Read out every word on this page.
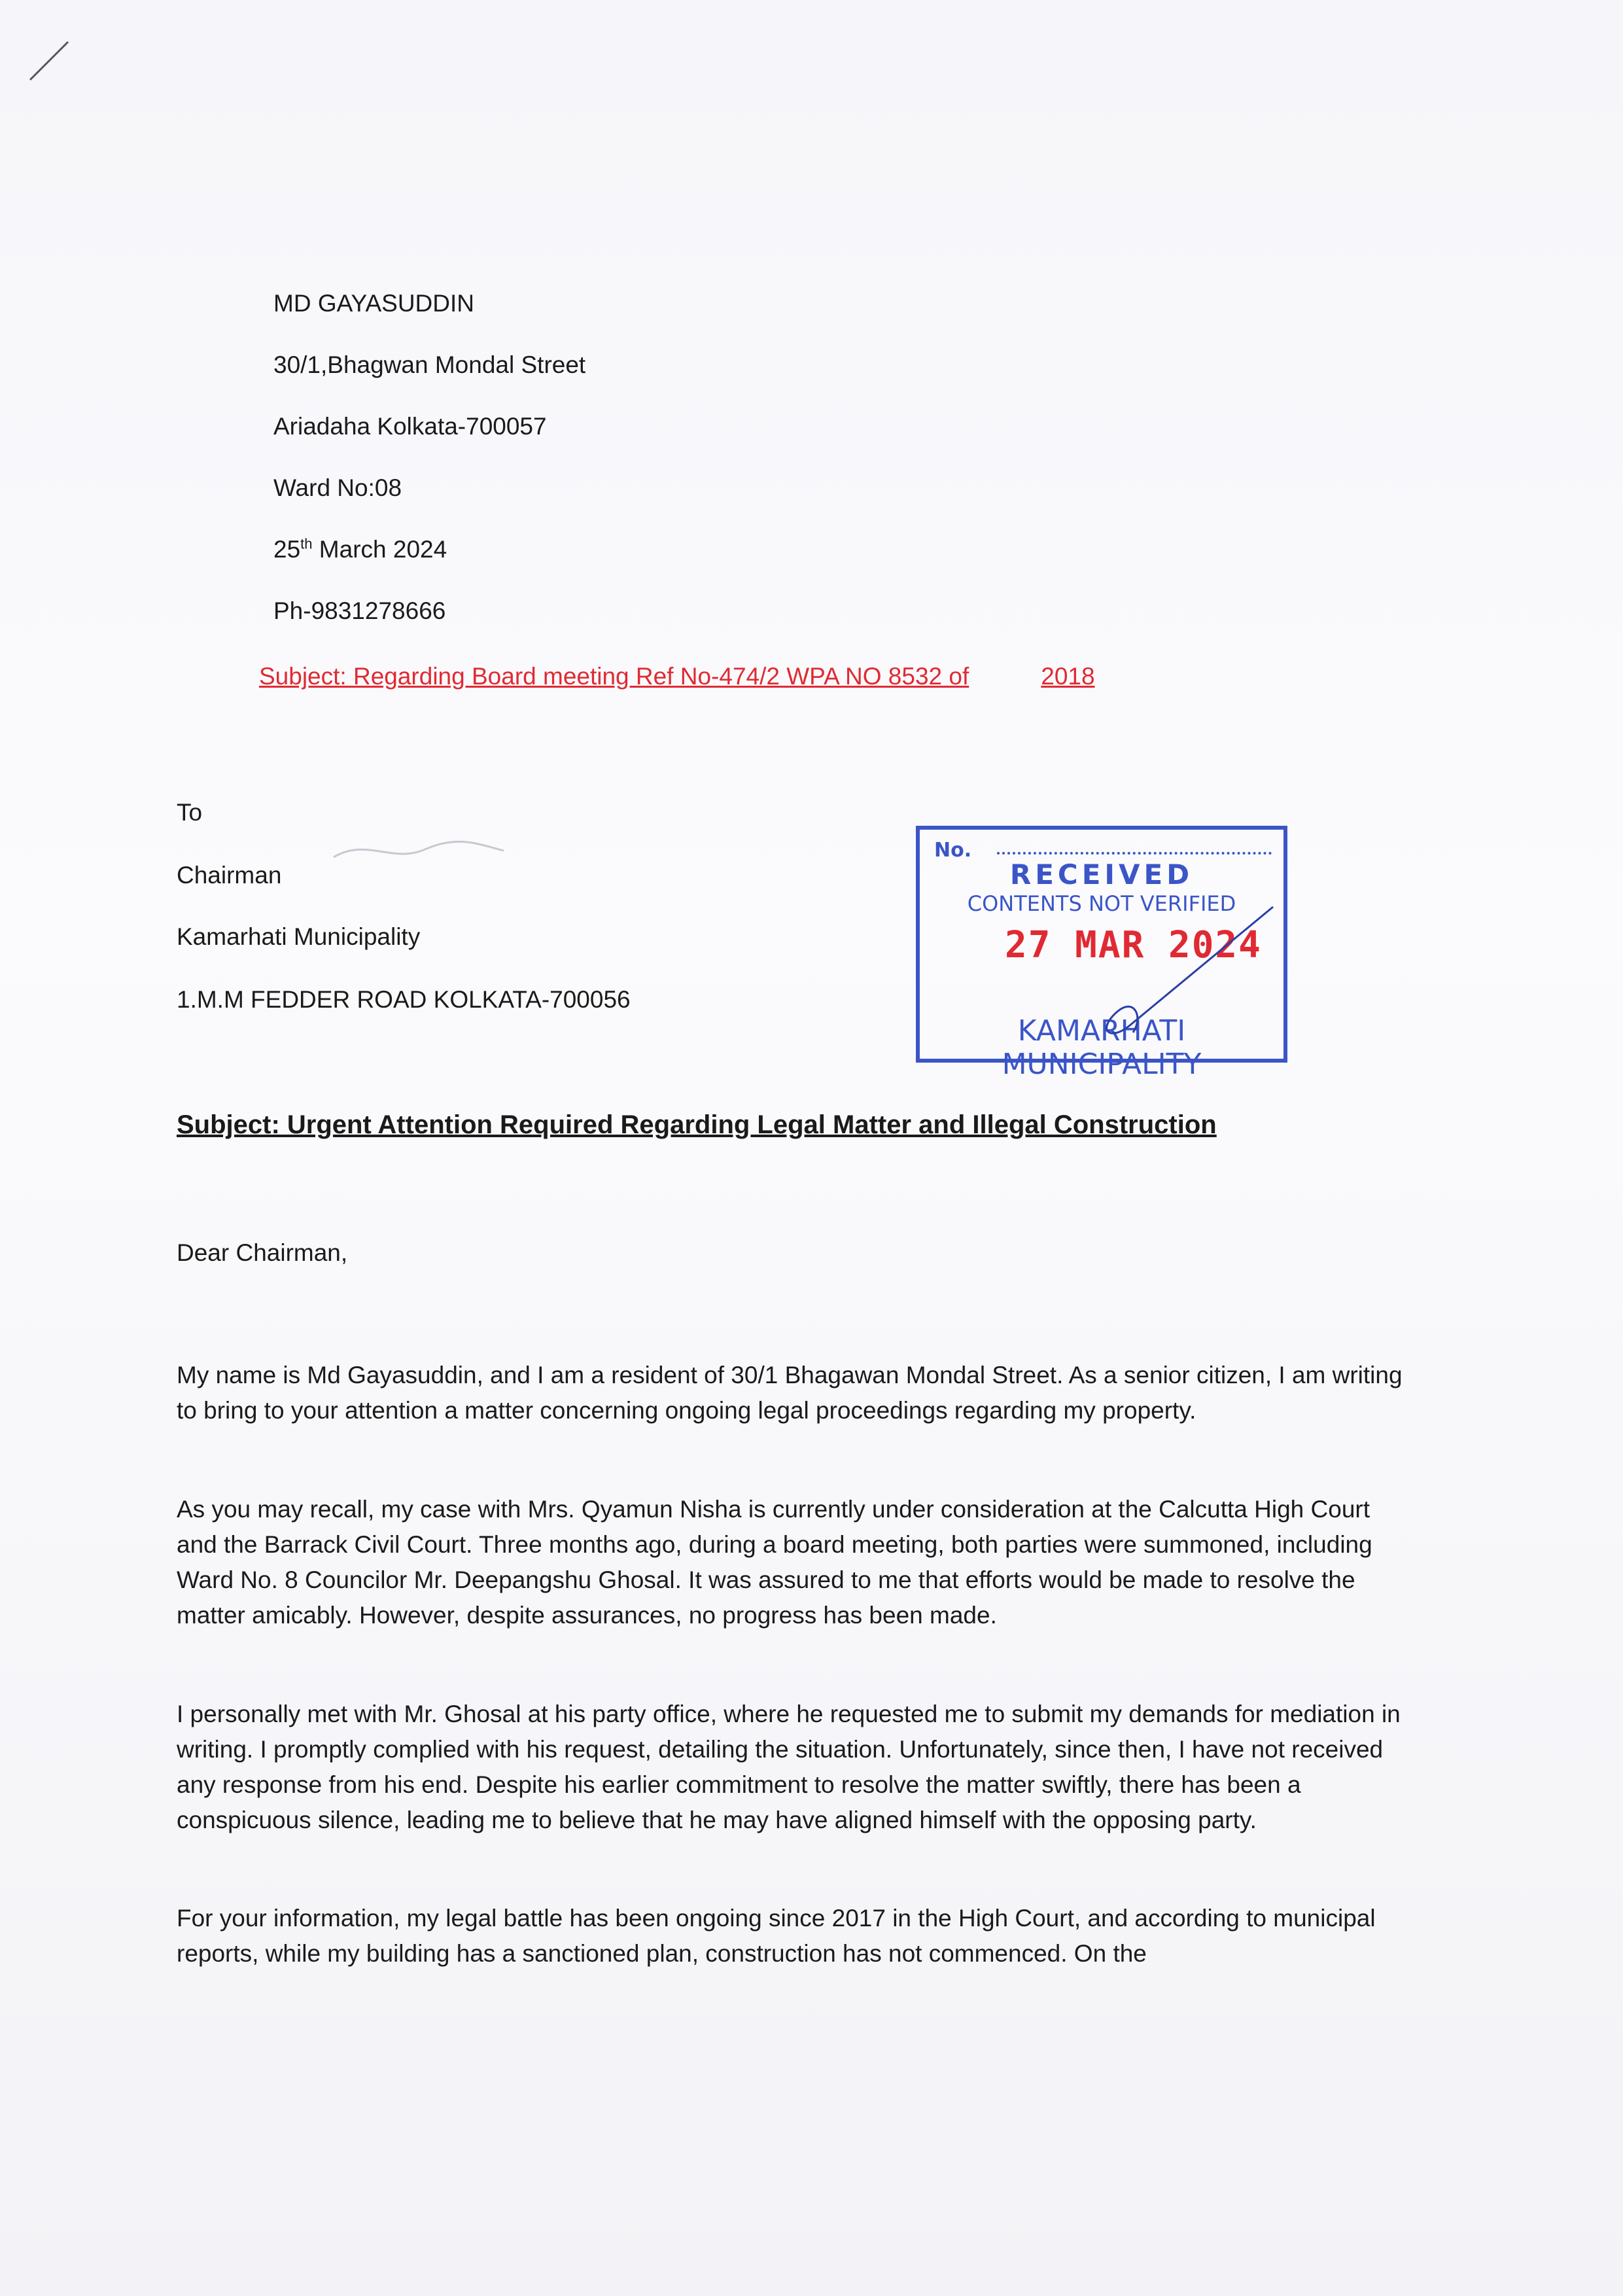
MD GAYASUDDIN
30/1,Bhagwan Mondal Street
Ariadaha Kolkata-700057
Ward No:08
25th March 2024
Ph-9831278666
Subject: Regarding Board meeting Ref No-474/2 WPA NO 8532 of	2018
To
Chairman
Kamarhati Municipality
1.M.M FEDDER ROAD KOLKATA-700056
No.
RECEIVED
CONTENTS NOT VERIFIED
27 MAR 2024
KAMARHATI MUNICIPALITY
Subject: Urgent Attention Required Regarding Legal Matter and Illegal Construction
Dear Chairman,
My name is Md Gayasuddin, and I am a resident of 30/1 Bhagawan Mondal Street. As a senior citizen, I am writing to bring to your attention a matter concerning ongoing legal proceedings regarding my property.
As you may recall, my case with Mrs. Qyamun Nisha is currently under consideration at the Calcutta High Court and the Barrack Civil Court. Three months ago, during a board meeting, both parties were summoned, including Ward No. 8 Councilor Mr. Deepangshu Ghosal. It was assured to me that efforts would be made to resolve the matter amicably. However, despite assurances, no progress has been made.
I personally met with Mr. Ghosal at his party office, where he requested me to submit my demands for mediation in writing. I promptly complied with his request, detailing the situation. Unfortunately, since then, I have not received any response from his end. Despite his earlier commitment to resolve the matter swiftly, there has been a conspicuous silence, leading me to believe that he may have aligned himself with the opposing party.
For your information, my legal battle has been ongoing since 2017 in the High Court, and according to municipal reports, while my building has a sanctioned plan, construction has not commenced. On the
